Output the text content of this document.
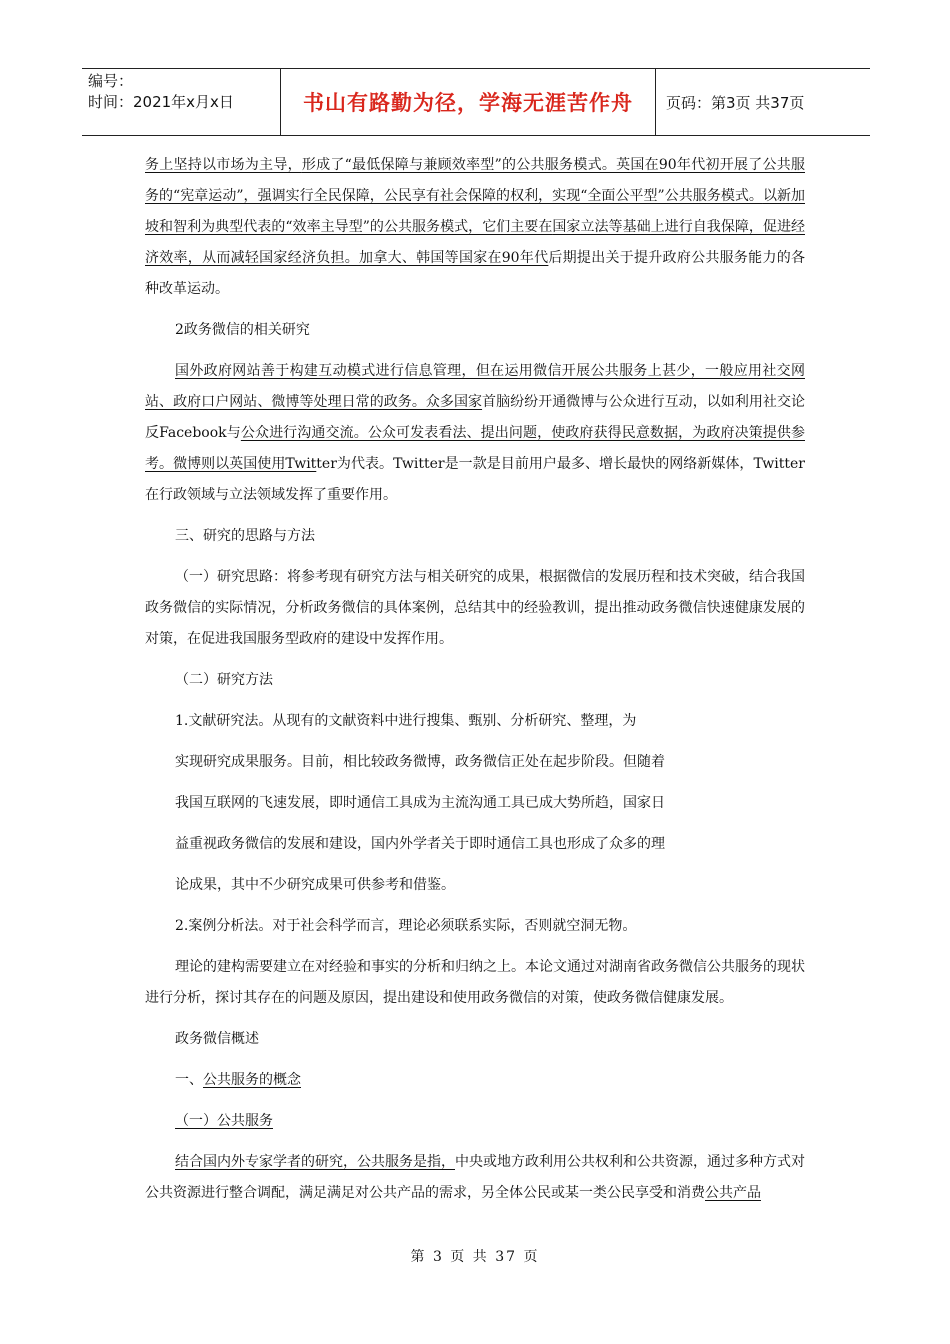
编号：
时间：2021年x月x日	书山有路勤为径，学海无涯苦作舟	页码：第3页 共37页

务上坚持以市场为主导，形成了“最低保障与兼顾效率型”的公共服务模式。英国在90年代初开展了公共服务的“宪章运动”，强调实行全民保障，公民享有社会保障的权利，实现“全面公平型”公共服务模式。以新加坡和智利为典型代表的“效率主导型”的公共服务模式，它们主要在国家立法等基础上进行自我保障，促进经济效率，从而减轻国家经济负担。加拿大、韩国等国家在90年代后期提出关于提升政府公共服务能力的各种改革运动。

2政务微信的相关研究

国外政府网站善于构建互动模式进行信息管理，但在运用微信开展公共服务上甚少，一般应用社交网站、政府口户网站、微博等处理日常的政务。众多国家首脑纷纷开通微博与公众进行互动，以如利用社交论反Facebook与公众进行沟通交流。公众可发表看法、提出问题，使政府获得民意数据，为政府决策提供参考。微博则以英国使用Twitter为代表。Twitter是一款是目前用户最多、增长最快的网络新媒体，Twitter在行政领域与立法领域发挥了重要作用。

三、研究的思路与方法

（一）研究思路：将参考现有研究方法与相关研究的成果，根据微信的发展历程和技术突破，结合我国政务微信的实际情况，分析政务微信的具体案例，总结其中的经验教训，提出推动政务微信快速健康发展的对策，在促进我国服务型政府的建设中发挥作用。

（二）研究方法

1.文献研究法。从现有的文献资料中进行搜集、甄别、分析研究、整理，为

实现研究成果服务。目前，相比较政务微博，政务微信正处在起步阶段。但随着

我国互联网的飞速发展，即时通信工具成为主流沟通工具已成大势所趋，国家日

益重视政务微信的发展和建设，国内外学者关于即时通信工具也形成了众多的理

论成果，其中不少研究成果可供参考和借鉴。

2.案例分析法。对于社会科学而言，理论必须联系实际，否则就空洞无物。

理论的建构需要建立在对经验和事实的分析和归纳之上。本论文通过对湖南省政务微信公共服务的现状进行分析，探讨其存在的问题及原因，提出建设和使用政务微信的对策，使政务微信健康发展。

政务微信概述

一、公共服务的概念

（一）公共服务

结合国内外专家学者的研究，公共服务是指，中央或地方政利用公共权利和公共资源，通过多种方式对公共资源进行整合调配，满足满足对公共产品的需求，另全体公民或某一类公民享受和消费公共产品

第 3 页 共 37 页
